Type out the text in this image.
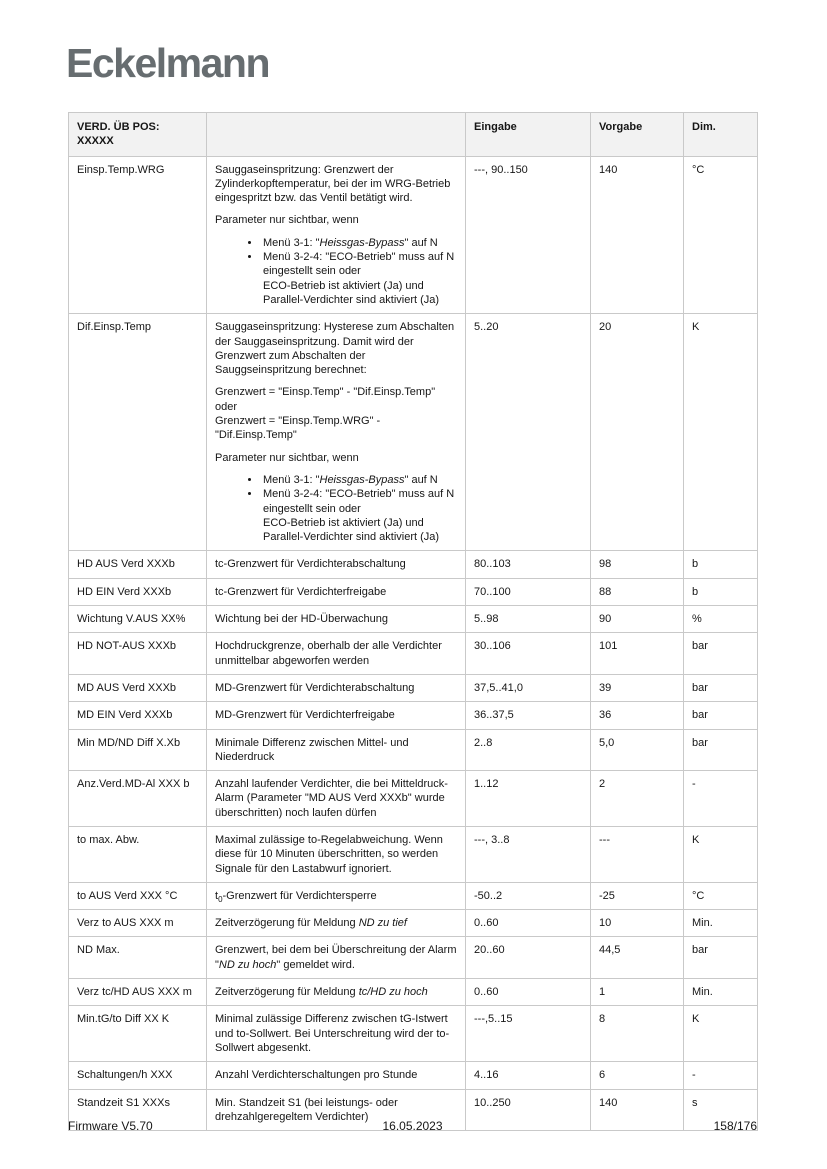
Eckelmann
VERD. ÜB POS: XXXXX		Eingabe	Vorgabe	Dim.
Einsp.Temp.WRG	Sauggaseinspritzung: Grenzwert der Zylinderkopftemperatur, bei der im WRG-Betrieb eingespritzt bzw. das Ventil betätigt wird.

Parameter nur sichtbar, wenn

• Menü 3-1: "Heissgas-Bypass" auf N
• Menü 3-2-4: "ECO-Betrieb" muss auf N eingestellt sein oder
ECO-Betrieb ist aktiviert (Ja) und
Parallel-Verdichter sind aktiviert (Ja)
	---, 90..150	140	°C
Dif.Einsp.Temp	Sauggaseinspritzung: Hysterese zum Abschalten der Sauggaseinspritzung. Damit wird der Grenzwert zum Abschalten der Sauggseinspritzung berechnet:

Grenzwert = "Einsp.Temp" - "Dif.Einsp.Temp"
oder
Grenzwert = "Einsp.Temp.WRG" -
"Dif.Einsp.Temp"

Parameter nur sichtbar, wenn

• Menü 3-1: "Heissgas-Bypass" auf N
• Menü 3-2-4: "ECO-Betrieb" muss auf N eingestellt sein oder
ECO-Betrieb ist aktiviert (Ja) und
Parallel-Verdichter sind aktiviert (Ja)
	5..20	20	K
HD AUS Verd XXXb	tc-Grenzwert für Verdichterabschaltung	80..103	98	b
HD EIN Verd XXXb	tc-Grenzwert für Verdichterfreigabe	70..100	88	b
Wichtung V.AUS XX%	Wichtung bei der HD-Überwachung	5..98	90	%
HD NOT-AUS XXXb	Hochdruckgrenze, oberhalb der alle Verdichter unmittelbar abgeworfen werden	30..106	101	bar
MD AUS Verd XXXb	MD-Grenzwert für Verdichterabschaltung	37,5..41,0	39	bar
MD EIN Verd XXXb	MD-Grenzwert für Verdichterfreigabe	36..37,5	36	bar
Min MD/ND Diff X.Xb	Minimale Differenz zwischen Mittel- und Niederdruck	2..8	5,0	bar
Anz.Verd.MD-Al XXX b	Anzahl laufender Verdichter, die bei Mitteldruck-Alarm (Parameter "MD AUS Verd XXXb" wurde überschritten) noch laufen dürfen	1..12	2	-
to max. Abw.	Maximal zulässige to-Regelabweichung. Wenn diese für 10 Minuten überschritten, so werden Signale für den Lastabwurf ignoriert.	---, 3..8	---	K
to AUS Verd XXX °C	$t_0$-Grenzwert für Verdichtersperre	-50..2	-25	°C
Verz to AUS XXX m	Zeitverzögerung für Meldung ND zu tief	0..60	10	Min.
ND Max.	Grenzwert, bei dem bei Überschreitung der Alarm "ND zu hoch" gemeldet wird.	20..60	44,5	bar
Verz tc/HD AUS XXX m	Zeitverzögerung für Meldung tc/HD zu hoch	0..60	1	Min.
Min.tG/to Diff XX K	Minimal zulässige Differenz zwischen tG-Istwert und to-Sollwert. Bei Unterschreitung wird der to-Sollwert abgesenkt.	---,5..15	8	K
Schaltungen/h XXX	Anzahl Verdichterschaltungen pro Stunde	4..16	6	-
Standzeit S1 XXXs	Min. Standzeit S1 (bei leistungs- oder drehzahlgeregeltem Verdichter)	10..250	140	s
Firmware V5.70	16.05.2023	158/176
